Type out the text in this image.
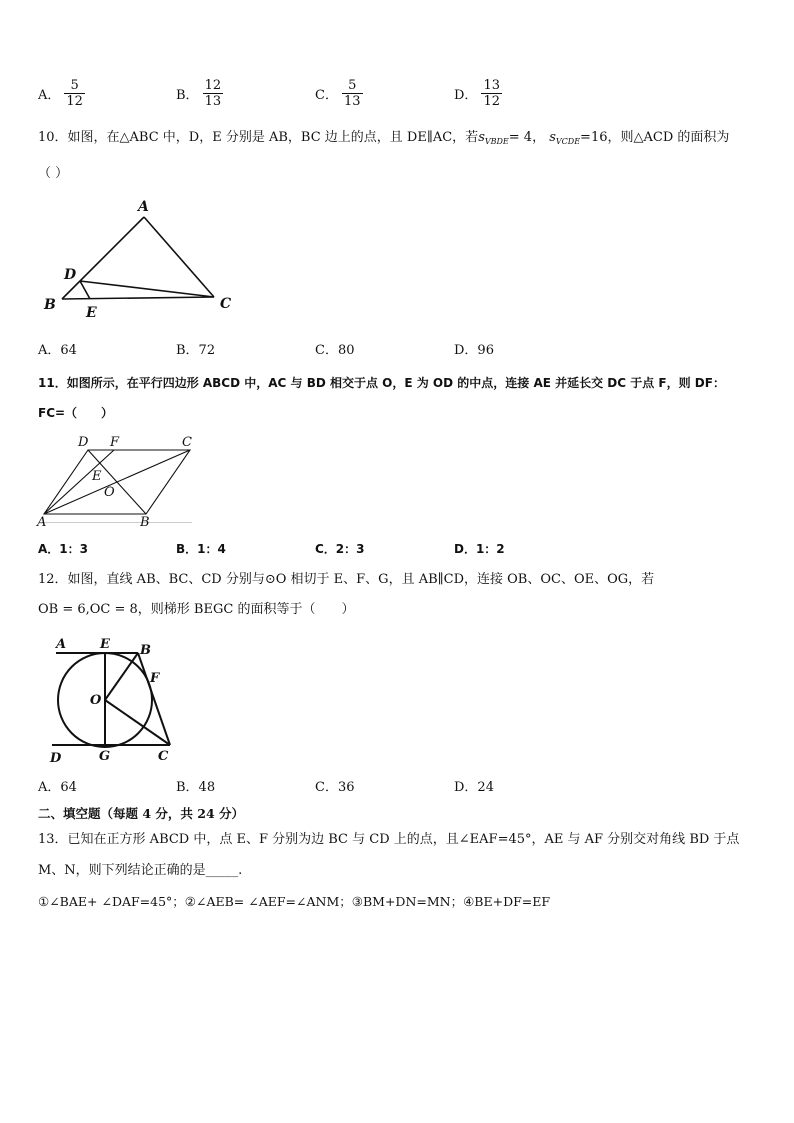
A． $\frac{5}{12}$	B． $\frac{12}{13}$	C． $\frac{5}{13}$	D． $\frac{13}{12}$
10．如图，在△ABC 中，D，E 分别是 AB，BC 边上的点，且 DE∥AC，若$s_{VBDE}= 4$， $s_{VCDE}=16$，则△ACD 的面积为
（ ）
A
B	C
D
E
A．64	B．72	C．80	D．96
11．如图所示，在平行四边形 ABCD 中，AC 与 BD 相交于点 O，E 为 OD 的中点，连接 AE 并延长交 DC 于点 F，则 DF：
FC=（　　）
D F	C
E
O
A	B
A．1：3	B．1：4	C．2：3	D．1：2
12．如图，直线 AB、BC、CD 分别与⊙O 相切于 E、F、G，且 AB∥CD，连接 OB、OC、OE、OG，若
OB = 6,OC = 8，则梯形 BEGC 的面积等于（　　）
A	E B
F
O
D	G	C
A．64	B．48	C．36	D．24
二、填空题（每题 4 分，共 24 分）
13．已知在正方形 ABCD 中，点 E、F 分别为边 BC 与 CD 上的点，且∠EAF=45°，AE 与 AF 分别交对角线 BD 于点
M、N，则下列结论正确的是_____.
①∠BAE+ ∠DAF=45°；②∠AEB= ∠AEF=∠ANM；③BM+DN=MN；④BE+DF=EF
